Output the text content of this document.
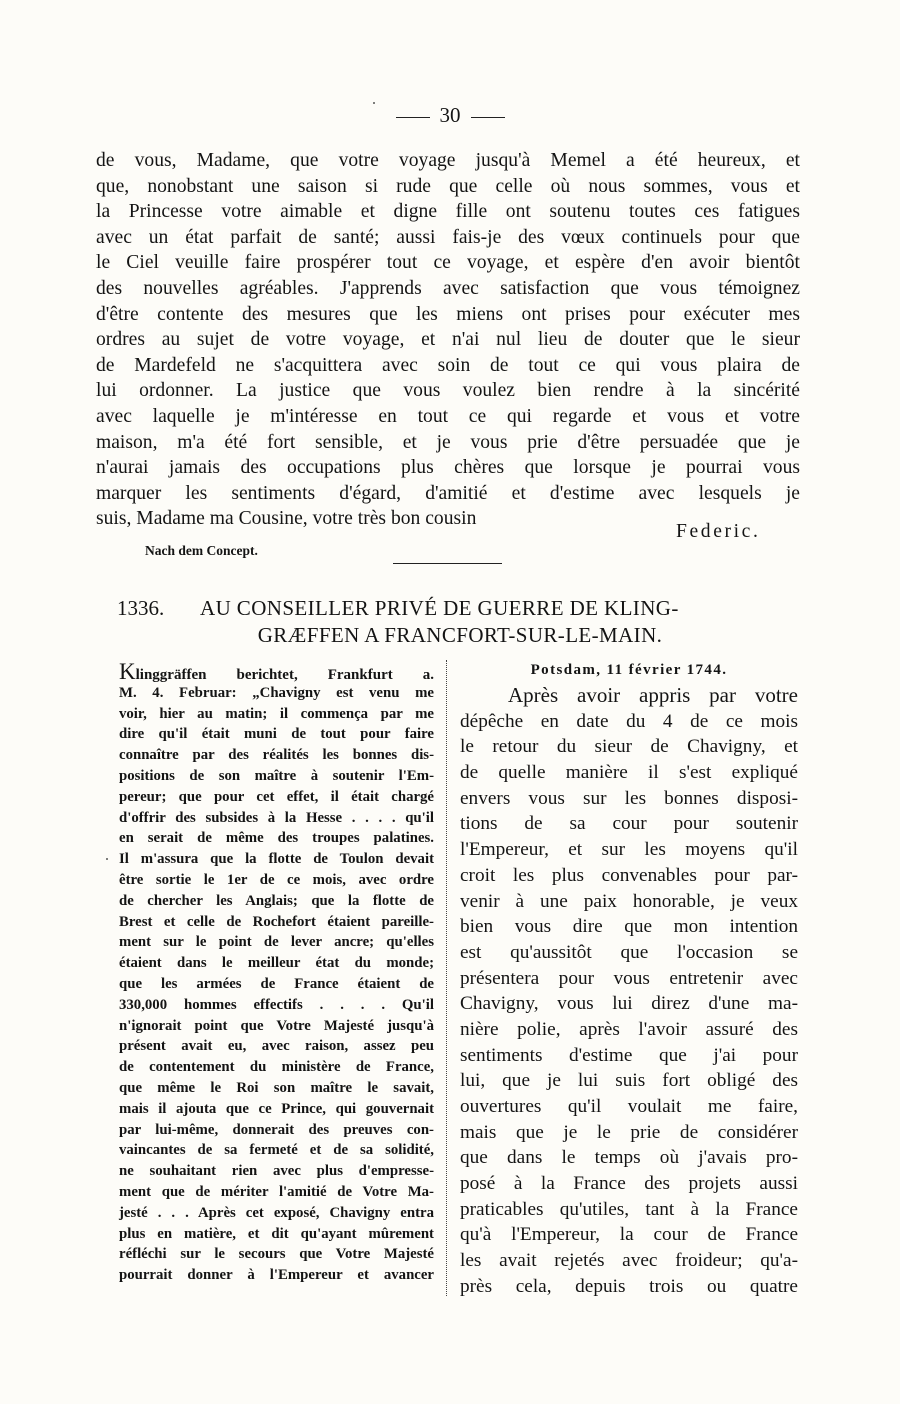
30
de vous, Madame, que votre voyage jusqu'à Memel a été heureux, et
que, nonobstant une saison si rude que celle où nous sommes, vous et
la Princesse votre aimable et digne fille ont soutenu toutes ces fatigues
avec un état parfait de santé; aussi fais-je des vœux continuels pour que
le Ciel veuille faire prospérer tout ce voyage, et espère d'en avoir bientôt
des nouvelles agréables. J'apprends avec satisfaction que vous témoignez
d'être contente des mesures que les miens ont prises pour exécuter mes
ordres au sujet de votre voyage, et n'ai nul lieu de douter que le sieur
de Mardefeld ne s'acquittera avec soin de tout ce qui vous plaira de
lui ordonner. La justice que vous voulez bien rendre à la sincérité
avec laquelle je m'intéresse en tout ce qui regarde et vous et votre
maison, m'a été fort sensible, et je vous prie d'être persuadée que je
n'aurai jamais des occupations plus chères que lorsque je pourrai vous
marquer les sentiments d'égard, d'amitié et d'estime avec lesquels je
suis, Madame ma Cousine, votre très bon cousin
Federic.
Nach dem Concept.
1336. AU CONSEILLER PRIVÉ DE GUERRE DE KLING-
GRÆFFEN A FRANCFORT-SUR-LE-MAIN.
Klinggräffen berichtet, Frankfurt a.
M. 4. Februar: „Chavigny est venu me
voir, hier au matin; il commença par me
dire qu'il était muni de tout pour faire
connaître par des réalités les bonnes dis-
positions de son maître à soutenir l'Em-
pereur; que pour cet effet, il était chargé
d'offrir des subsides à la Hesse . . . . qu'il
en serait de même des troupes palatines.
Il m'assura que la flotte de Toulon devait
être sortie le 1er de ce mois, avec ordre
de chercher les Anglais; que la flotte de
Brest et celle de Rochefort étaient pareille-
ment sur le point de lever ancre; qu'elles
étaient dans le meilleur état du monde;
que les armées de France étaient de
330,000 hommes effectifs . . . . Qu'il
n'ignorait point que Votre Majesté jusqu'à
présent avait eu, avec raison, assez peu
de contentement du ministère de France,
que même le Roi son maître le savait,
mais il ajouta que ce Prince, qui gouvernait
par lui-même, donnerait des preuves con-
vaincantes de sa fermeté et de sa solidité,
ne souhaitant rien avec plus d'empresse-
ment que de mériter l'amitié de Votre Ma-
jesté . . . Après cet exposé, Chavigny entra
plus en matière, et dit qu'ayant mûrement
réfléchi sur le secours que Votre Majesté
pourrait donner à l'Empereur et avancer
Potsdam, 11 février 1744.
Après avoir appris par votre
dépêche en date du 4 de ce mois
le retour du sieur de Chavigny, et
de quelle manière il s'est expliqué
envers vous sur les bonnes disposi-
tions de sa cour pour soutenir
l'Empereur, et sur les moyens qu'il
croit les plus convenables pour par-
venir à une paix honorable, je veux
bien vous dire que mon intention
est qu'aussitôt que l'occasion se
présentera pour vous entretenir avec
Chavigny, vous lui direz d'une ma-
nière polie, après l'avoir assuré des
sentiments d'estime que j'ai pour
lui, que je lui suis fort obligé des
ouvertures qu'il voulait me faire,
mais que je le prie de considérer
que dans le temps où j'avais pro-
posé à la France des projets aussi
praticables qu'utiles, tant à la France
qu'à l'Empereur, la cour de France
les avait rejetés avec froideur; qu'a-
près cela, depuis trois ou quatre
